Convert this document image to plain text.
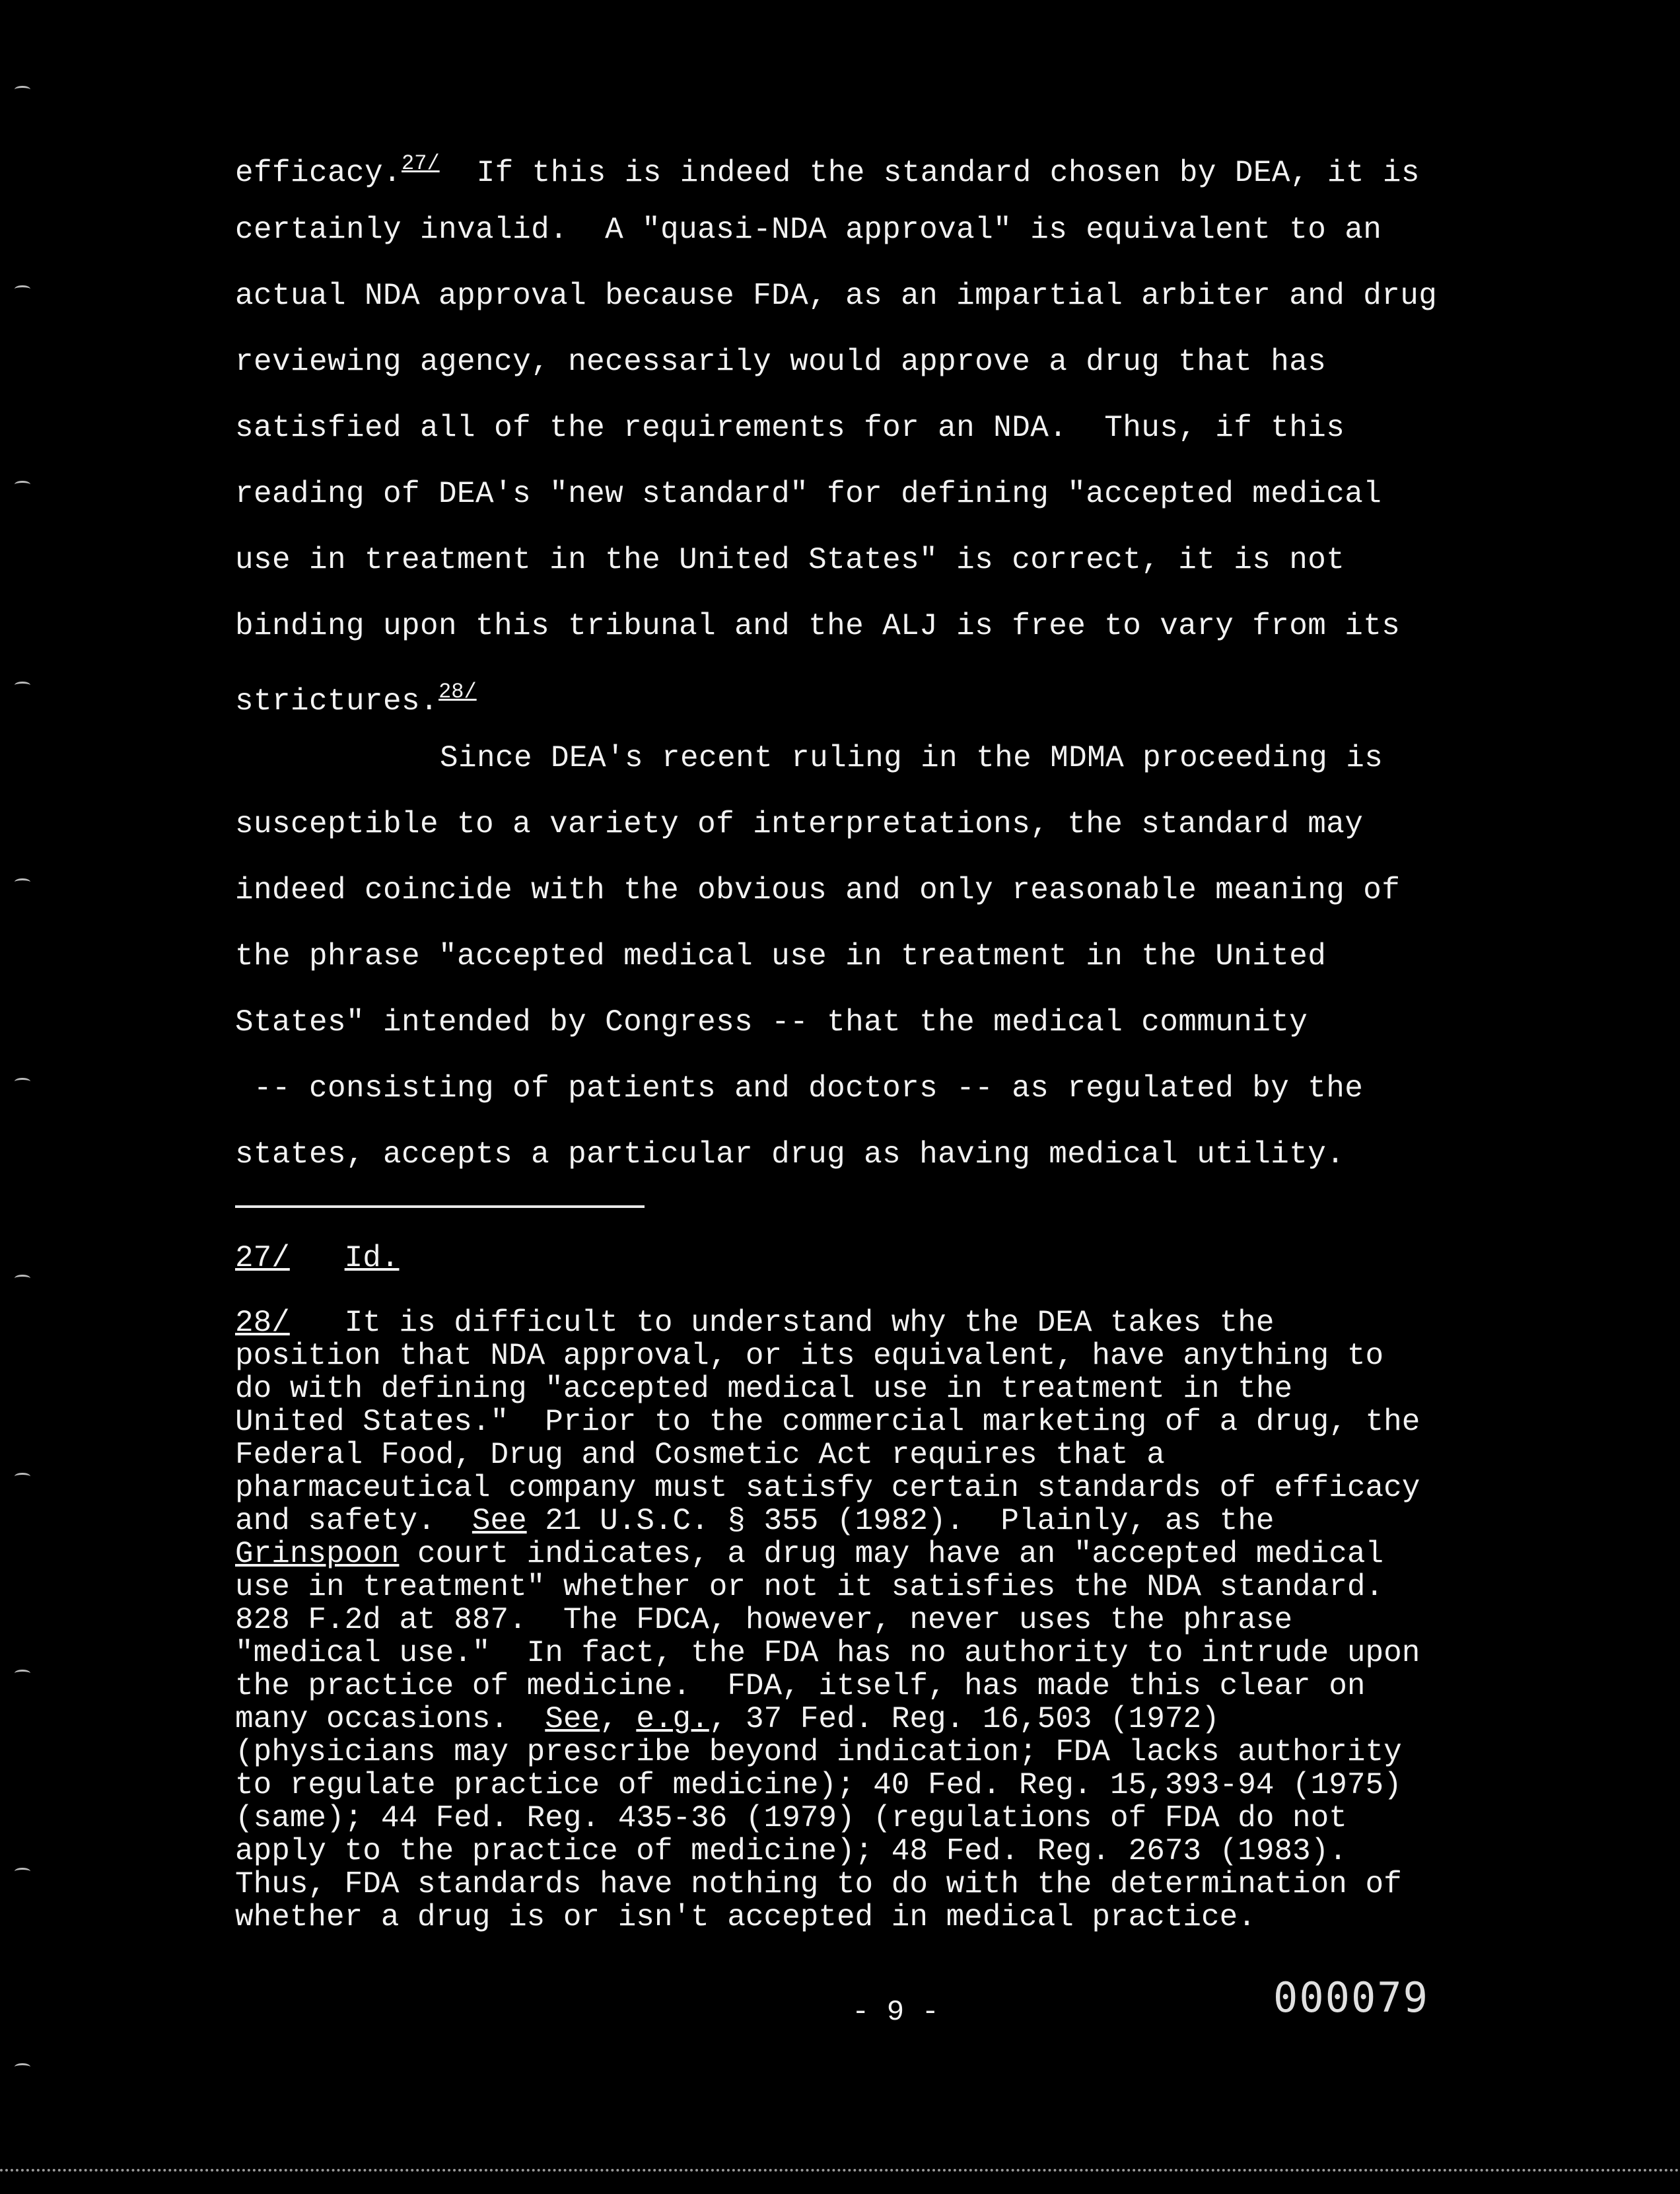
efficacy.$^{27/}$ If this is indeed the standard chosen by DEA, it is
certainly invalid.  A "quasi-NDA approval" is equivalent to an
actual NDA approval because FDA, as an impartial arbiter and drug
reviewing agency, necessarily would approve a drug that has
satisfied all of the requirements for an NDA.  Thus, if this
reading of DEA's "new standard" for defining "accepted medical
use in treatment in the United States" is correct, it is not
binding upon this tribunal and the ALJ is free to vary from its
strictures.$^{28/}$
Since DEA's recent ruling in the MDMA proceeding is
susceptible to a variety of interpretations, the standard may
indeed coincide with the obvious and only reasonable meaning of
the phrase "accepted medical use in treatment in the United
States" intended by Congress -- that the medical community
-- consisting of patients and doctors -- as regulated by the
states, accepts a particular drug as having medical utility.
27/ Id.
28/ It is difficult to understand why the DEA takes the
position that NDA approval, or its equivalent, have anything to
do with defining "accepted medical use in treatment in the
United States."  Prior to the commercial marketing of a drug, the
Federal Food, Drug and Cosmetic Act requires that a
pharmaceutical company must satisfy certain standards of efficacy
and safety.  See 21 U.S.C. § 355 (1982).  Plainly, as the
Grinspoon court indicates, a drug may have an "accepted medical
use in treatment" whether or not it satisfies the NDA standard.
828 F.2d at 887.  The FDCA, however, never uses the phrase
"medical use."  In fact, the FDA has no authority to intrude upon
the practice of medicine.  FDA, itself, has made this clear on
many occasions.  See, e.g., 37 Fed. Reg. 16,503 (1972)
(physicians may prescribe beyond indication; FDA lacks authority
to regulate practice of medicine); 40 Fed. Reg. 15,393-94 (1975)
(same); 44 Fed. Reg. 435-36 (1979) (regulations of FDA do not
apply to the practice of medicine); 48 Fed. Reg. 2673 (1983).
Thus, FDA standards have nothing to do with the determination of
whether a drug is or isn't accepted in medical practice.
- 9 -	000079
